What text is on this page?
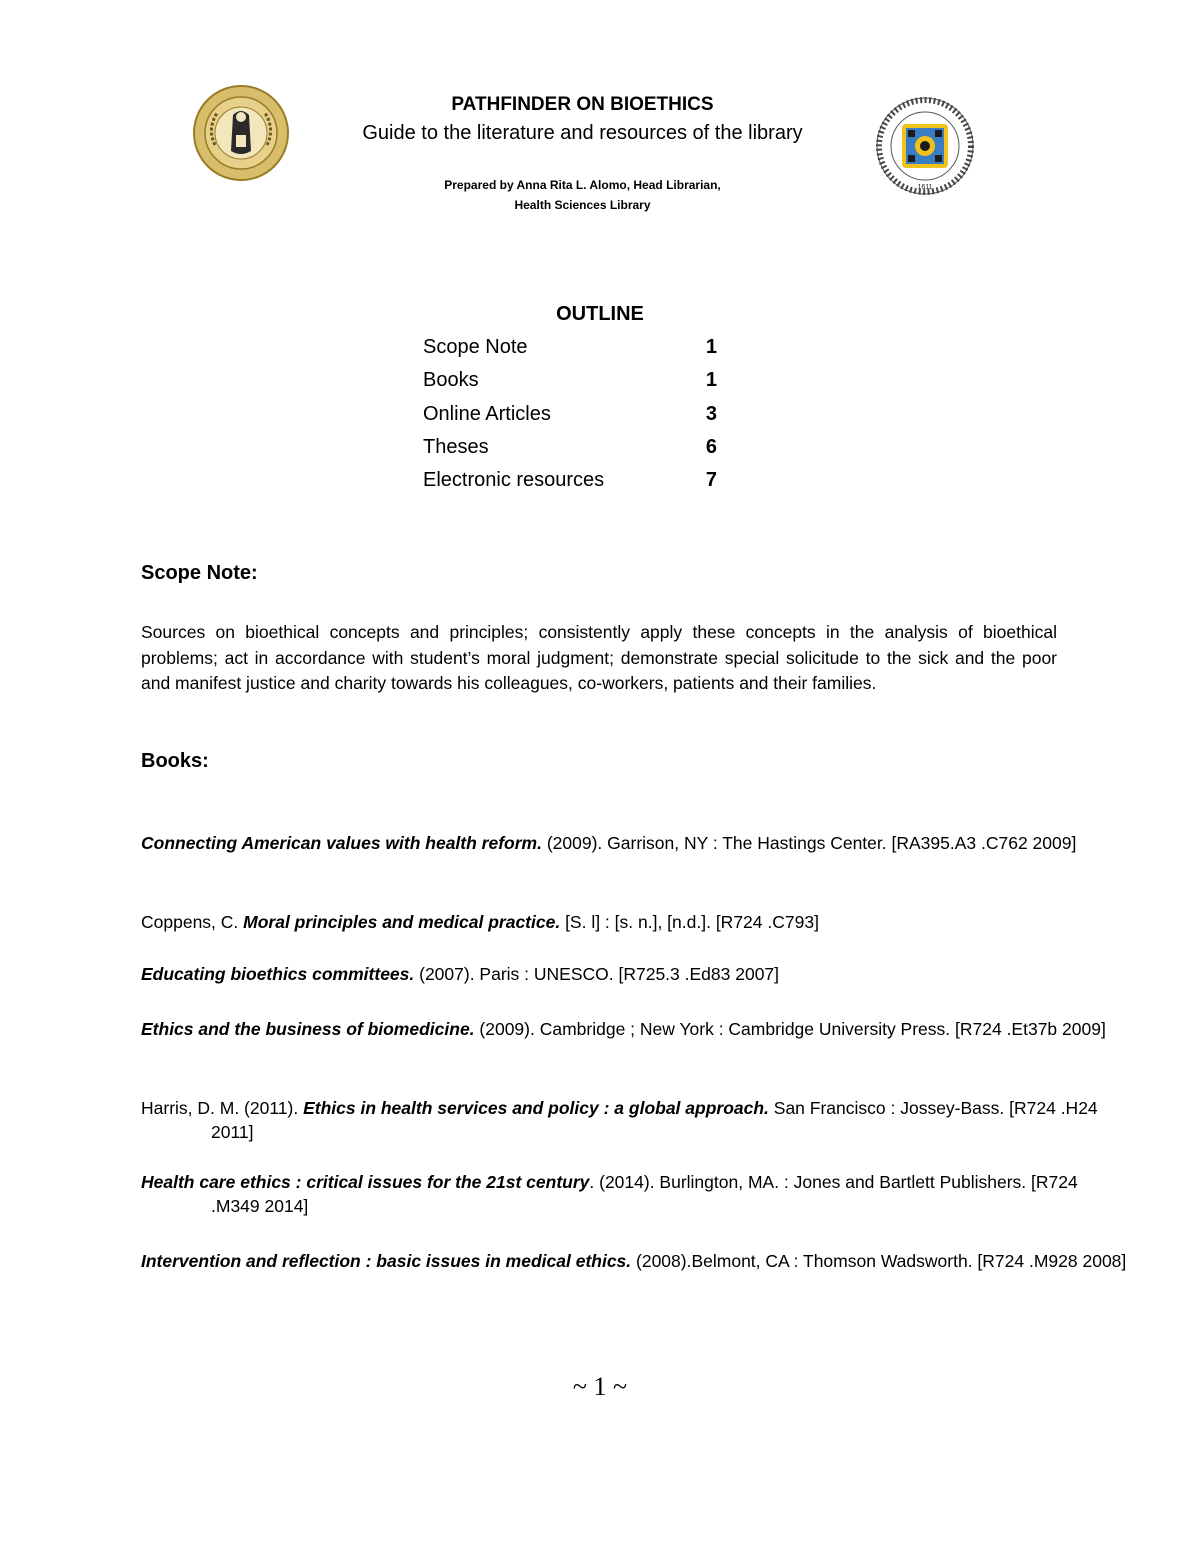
PATHFINDER ON BIOETHICS
Guide to the literature and resources of the library
Prepared by Anna Rita L. Alomo, Head Librarian,
Health Sciences Library
1611
OUTLINE
Scope Note	1
Books	1
Online Articles	3
Theses	6
Electronic resources	7
Scope Note:

Sources on bioethical concepts and principles; consistently apply these concepts in the analysis of bioethical problems; act in accordance with student’s moral judgment; demonstrate special solicitude to the sick and the poor and manifest justice and charity towards his colleagues, co-workers, patients and their families.

Books:

Connecting American values with health reform. (2009). Garrison, NY : The Hastings Center. [RA395.A3 .C762 2009]

Coppens, C. Moral principles and medical practice. [S. l] : [s. n.], [n.d.]. [R724 .C793]

Educating bioethics committees. (2007). Paris : UNESCO. [R725.3 .Ed83 2007]

Ethics and the business of biomedicine. (2009). Cambridge ; New York : Cambridge University Press. [R724 .Et37b 2009]

Harris, D. M. (2011). Ethics in health services and policy : a global approach. San Francisco : Jossey-Bass. [R724 .H24 2011]

Health care ethics : critical issues for the 21st century. (2014). Burlington, MA. : Jones and Bartlett Publishers. [R724 .M349 2014]

Intervention and reflection : basic issues in medical ethics. (2008).Belmont, CA : Thomson Wadsworth. [R724 .M928 2008]

~ 1 ~
